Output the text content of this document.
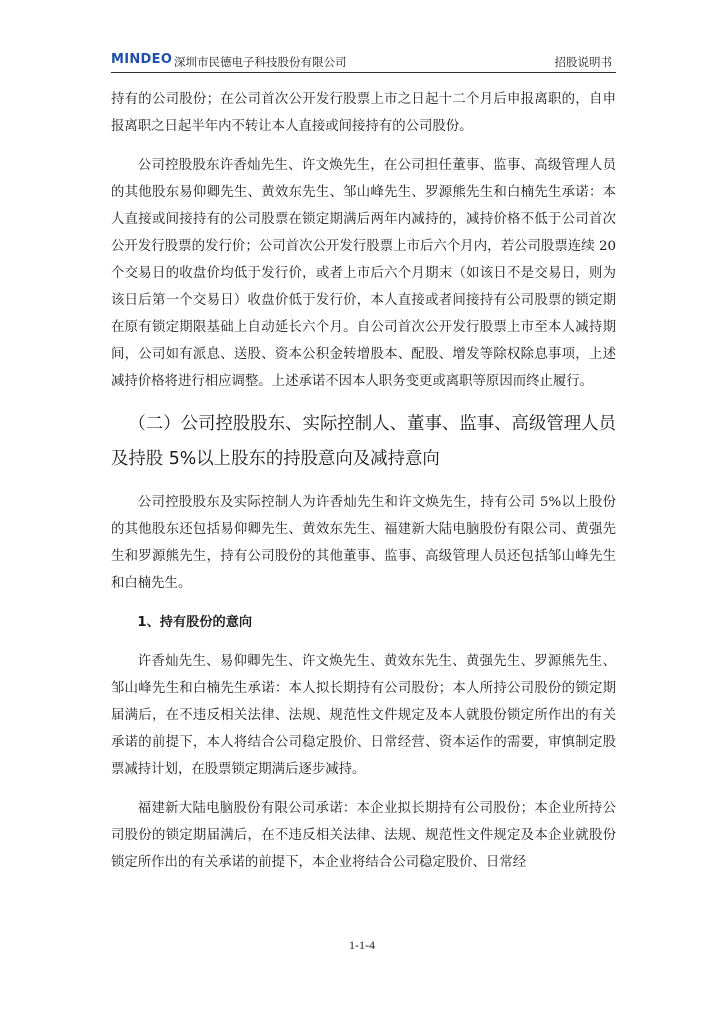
MINDEO 深圳市民德电子科技股份有限公司	招股说明书

持有的公司股份；在公司首次公开发行股票上市之日起十二个月后申报离职的，自申报离职之日起半年内不转让本人直接或间接持有的公司股份。

公司控股股东许香灿先生、许文焕先生，在公司担任董事、监事、高级管理人员的其他股东易仰卿先生、黄效东先生、邹山峰先生、罗源熊先生和白楠先生承诺：本人直接或间接持有的公司股票在锁定期满后两年内减持的，减持价格不低于公司首次公开发行股票的发行价；公司首次公开发行股票上市后六个月内，若公司股票连续 20 个交易日的收盘价均低于发行价，或者上市后六个月期末（如该日不是交易日，则为该日后第一个交易日）收盘价低于发行价，本人直接或者间接持有公司股票的锁定期在原有锁定期限基础上自动延长六个月。自公司首次公开发行股票上市至本人减持期间，公司如有派息、送股、资本公积金转增股本、配股、增发等除权除息事项，上述减持价格将进行相应调整。上述承诺不因本人职务变更或离职等原因而终止履行。

（二）公司控股股东、实际控制人、董事、监事、高级管理人员及持股 5%以上股东的持股意向及减持意向

公司控股股东及实际控制人为许香灿先生和许文焕先生，持有公司 5%以上股份的其他股东还包括易仰卿先生、黄效东先生、福建新大陆电脑股份有限公司、黄强先生和罗源熊先生，持有公司股份的其他董事、监事、高级管理人员还包括邹山峰先生和白楠先生。

1、持有股份的意向

许香灿先生、易仰卿先生、许文焕先生、黄效东先生、黄强先生、罗源熊先生、邹山峰先生和白楠先生承诺：本人拟长期持有公司股份；本人所持公司股份的锁定期届满后，在不违反相关法律、法规、规范性文件规定及本人就股份锁定所作出的有关承诺的前提下，本人将结合公司稳定股价、日常经营、资本运作的需要，审慎制定股票减持计划，在股票锁定期满后逐步减持。

福建新大陆电脑股份有限公司承诺：本企业拟长期持有公司股份；本企业所持公司股份的锁定期届满后，在不违反相关法律、法规、规范性文件规定及本企业就股份锁定所作出的有关承诺的前提下，本企业将结合公司稳定股价、日常经

1-1-4
